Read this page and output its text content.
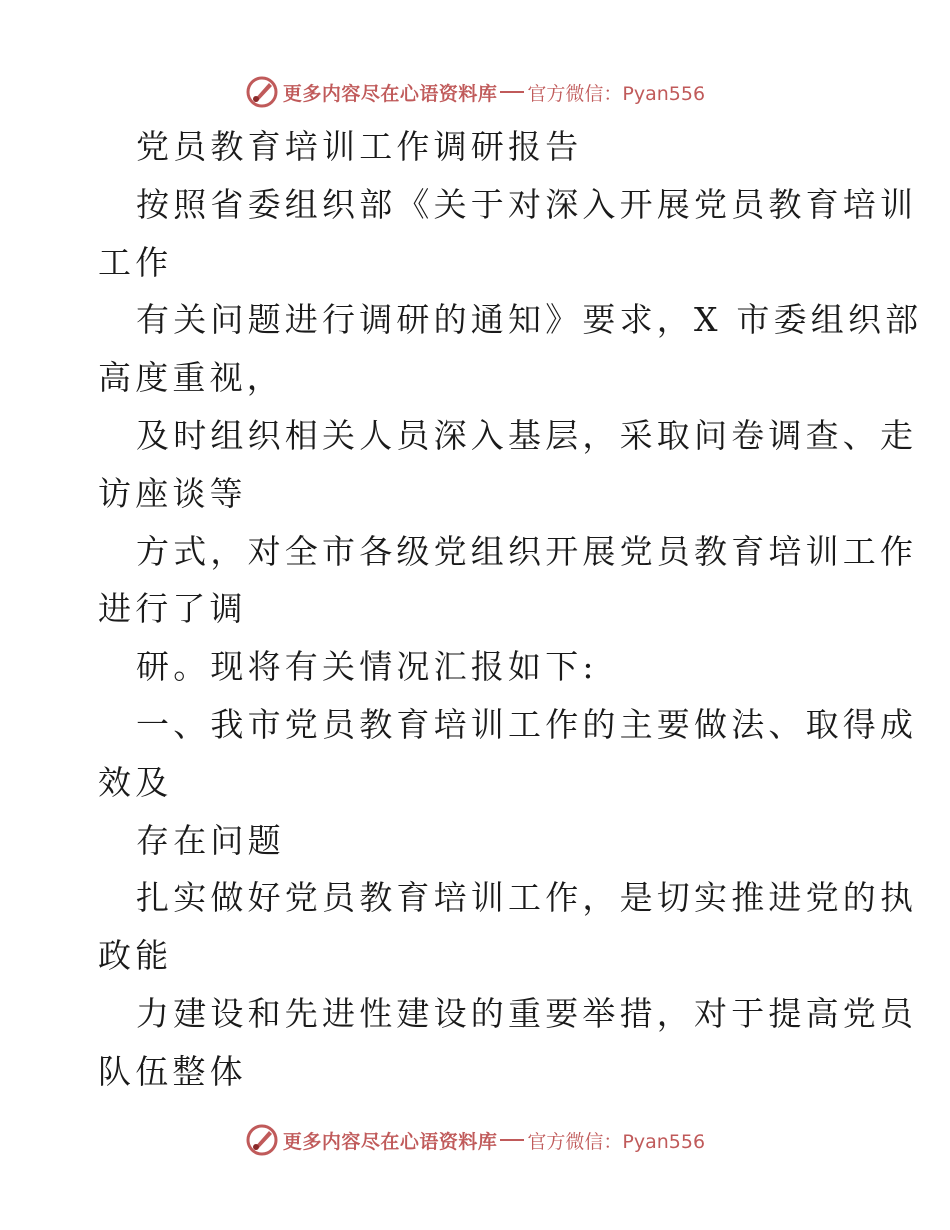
更多内容尽在心语资料库 官方微信：Pyan556
党员教育培训工作调研报告
按照省委组织部《关于对深入开展党员教育培训
工作
有关问题进行调研的通知》要求，X 市委组织部
高度重视，
及时组织相关人员深入基层，采取问卷调查、走
访座谈等
方式，对全市各级党组织开展党员教育培训工作
进行了调
研。现将有关情况汇报如下:
一、我市党员教育培训工作的主要做法、取得成
效及
存在问题
扎实做好党员教育培训工作，是切实推进党的执
政能
力建设和先进性建设的重要举措，对于提高党员
队伍整体
更多内容尽在心语资料库 官方微信：Pyan556
